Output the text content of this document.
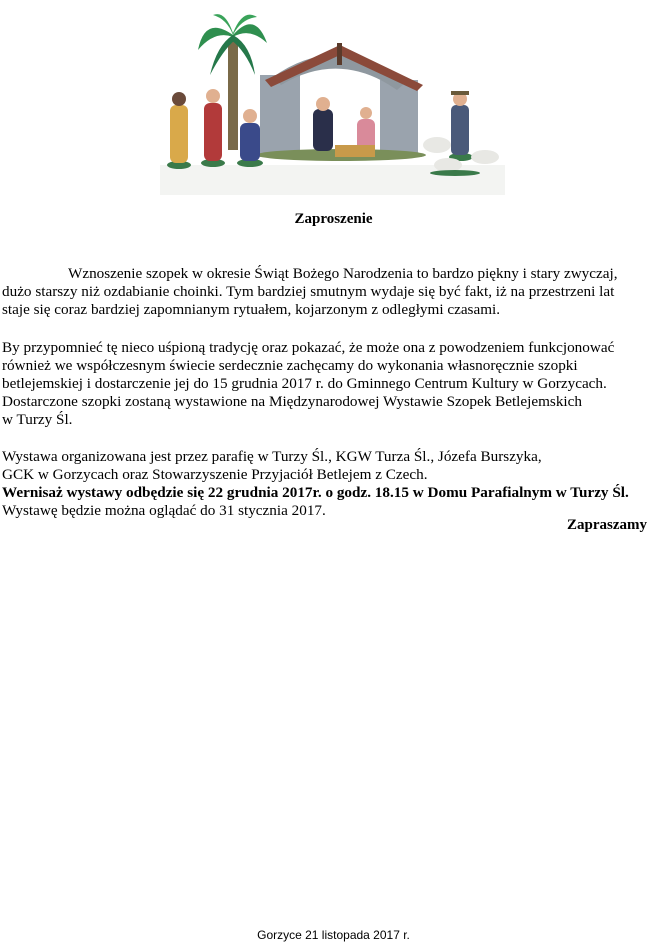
Zaproszenie
Wznoszenie szopek w okresie Świąt Bożego Narodzenia to bardzo piękny i stary zwyczaj,
dużo starszy niż ozdabianie choinki. Tym bardziej smutnym wydaje się być fakt, iż na przestrzeni lat
staje się coraz bardziej zapomnianym rytuałem, kojarzonym z odległymi czasami.
By przypomnieć tę nieco uśpioną tradycję oraz pokazać, że może ona z powodzeniem funkcjonować
również we współczesnym świecie serdecznie zachęcamy do wykonania własnoręcznie szopki
betlejemskiej i dostarczenie jej do 15 grudnia 2017 r. do Gminnego Centrum Kultury w Gorzycach.
Dostarczone szopki zostaną wystawione na Międzynarodowej Wystawie Szopek Betlejemskich
w Turzy Śl.
Wystawa organizowana jest przez parafię w Turzy Śl., KGW Turza Śl., Józefa Burszyka,
GCK w Gorzycach oraz Stowarzyszenie Przyjaciół Betlejem z Czech.
Wernisaż wystawy odbędzie się 22 grudnia 2017r. o godz. 18.15 w Domu Parafialnym w Turzy Śl.
Wystawę będzie można oglądać do 31 stycznia 2017.
Zapraszamy
Gorzyce 21 listopada 2017 r.
